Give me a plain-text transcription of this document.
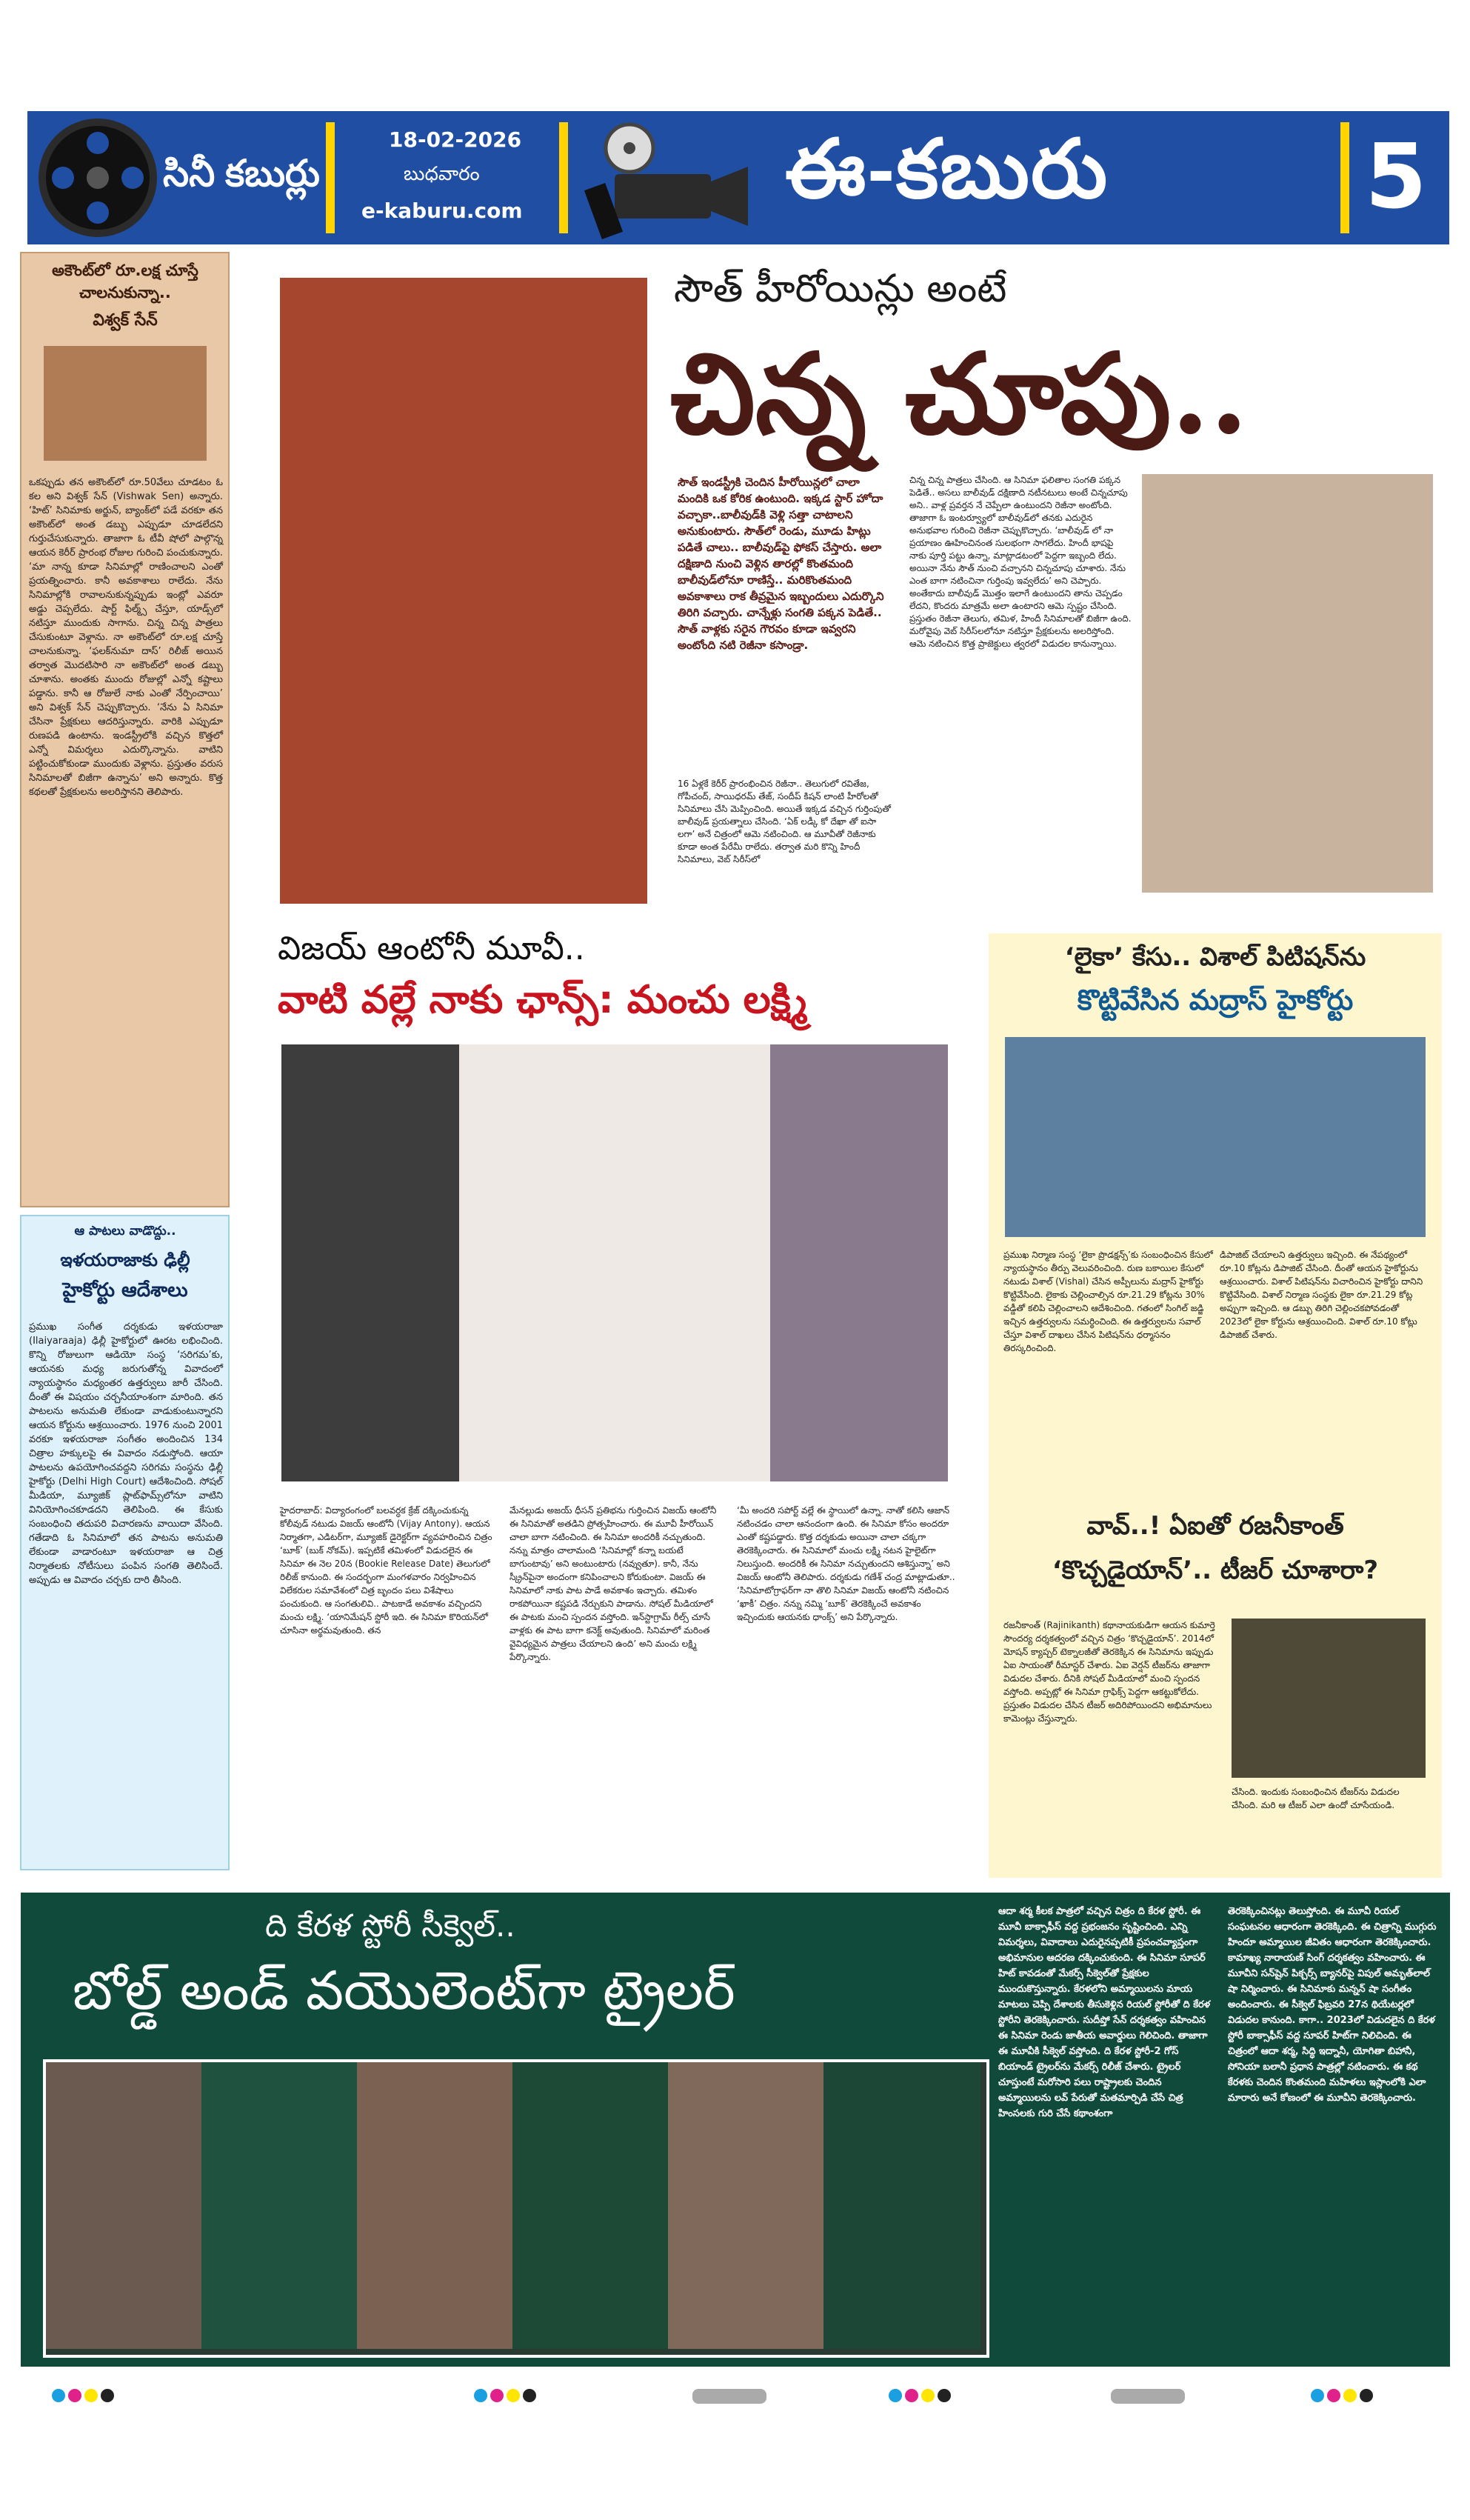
సినీ కబుర్లు
18-02-2026
బుధవారం
e-kaburu.com	ఈ-కబురు	5
అకౌంట్‌లో రూ.లక్ష చూస్తే చాలనుకున్నా..
విశ్వక్ సేన్
ఒకప్పుడు తన అకౌంట్‌లో రూ.50వేలు చూడటం ఓ కల అని విశ్వక్ సేన్ (Vishwak Sen) అన్నారు. ‘హిట్’ సినిమాకు అర్జున్, బ్యాంక్‌లో పడే వరకూ తన అకౌంట్‌లో అంత డబ్బు ఎప్పుడూ చూడలేదని గుర్తుచేసుకున్నారు. తాజాగా ఓ టీవీ షోలో పాల్గొన్న ఆయన కెరీర్ ప్రారంభ రోజుల గురించి పంచుకున్నారు. ‘మా నాన్న కూడా సినిమాల్లో రాణించాలని ఎంతో ప్రయత్నించారు. కానీ అవకాశాలు రాలేదు. నేను సినిమాల్లోకి రావాలనుకున్నప్పుడు ఇంట్లో ఎవరూ అడ్డు చెప్పలేదు. షార్ట్ ఫిల్మ్స్ చేస్తూ, యాడ్స్‌లో నటిస్తూ ముందుకు సాగాను. చిన్న చిన్న పాత్రలు చేసుకుంటూ వెళ్లాను. నా అకౌంట్‌లో రూ.లక్ష చూస్తే చాలనుకున్నా. ‘ఫలక్‌నుమా దాస్’ రిలీజ్ అయిన తర్వాత మొదటిసారి నా అకౌంట్‌లో అంత డబ్బు చూశాను. అంతకు ముందు రోజుల్లో ఎన్నో కష్టాలు పడ్డాను. కానీ ఆ రోజులే నాకు ఎంతో నేర్పించాయి’ అని విశ్వక్ సేన్ చెప్పుకొచ్చారు. ‘నేను ఏ సినిమా చేసినా ప్రేక్షకులు ఆదరిస్తున్నారు. వారికి ఎప్పుడూ రుణపడి ఉంటాను. ఇండస్ట్రీలోకి వచ్చిన కొత్తలో ఎన్నో విమర్శలు ఎదుర్కొన్నాను. వాటిని పట్టించుకోకుండా ముందుకు వెళ్లాను. ప్రస్తుతం వరుస సినిమాలతో బిజీగా ఉన్నాను’ అని అన్నారు. కొత్త కథలతో ప్రేక్షకులను అలరిస్తానని తెలిపారు.
ఆ పాటలు వాడొద్దు..
ఇళయరాజాకు ఢిల్లీ
హైకోర్టు ఆదేశాలు
ప్రముఖ సంగీత దర్శకుడు ఇళయరాజా (Ilaiyaraaja) ఢిల్లీ హైకోర్టులో ఊరట లభించింది. కొన్ని రోజులుగా ఆడియో సంస్థ ‘సరిగమ’కు, ఆయనకు మధ్య జరుగుతోన్న వివాదంలో న్యాయస్థానం మధ్యంతర ఉత్తర్వులు జారీ చేసింది. దీంతో ఈ విషయం చర్చనీయాంశంగా మారింది. తన పాటలను అనుమతి లేకుండా వాడుకుంటున్నారని ఆయన కోర్టును ఆశ్రయించారు. 1976 నుంచి 2001 వరకూ ఇళయరాజా సంగీతం అందించిన 134 చిత్రాల హక్కులపై ఈ వివాదం నడుస్తోంది. ఆయా పాటలను ఉపయోగించవద్దని సరిగమ సంస్థను ఢిల్లీ హైకోర్టు (Delhi High Court) ఆదేశించింది. సోషల్ మీడియా, మ్యూజిక్ ప్లాట్‌ఫామ్స్‌లోనూ వాటిని వినియోగించకూడదని తెలిపింది. ఈ కేసుకు సంబంధించి తదుపరి విచారణను వాయిదా వేసింది. గతేడాది ఓ సినిమాలో తన పాటను అనుమతి లేకుండా వాడారంటూ ఇళయరాజా ఆ చిత్ర నిర్మాతలకు నోటీసులు పంపిన సంగతి తెలిసిందే. అప్పుడు ఆ వివాదం చర్చకు దారి తీసింది.
సౌత్ హీరోయిన్లు అంటే
చిన్న చూపు..
సౌత్ ఇండస్ట్రీకి చెందిన హీరోయిన్లలో చాలా మందికి ఒక కోరిక ఉంటుంది. ఇక్కడ స్టార్ హోదా వచ్చాకా..బాలీవుడ్‌కి వెళ్లి సత్తా చాటాలని అనుకుంటారు. సౌత్‌లో రెండు, మూడు హిట్లు పడితే చాలు.. బాలీవుడ్‌పై ఫోకస్ చేస్తారు. అలా దక్షిణాది నుంచి వెళ్లిన తారల్లో కొంతమంది బాలీవుడ్‌లోనూ రాణిస్తే.. మరికొంతమంది అవకాశాలు రాక తీవ్రమైన ఇబ్బందులు ఎదుర్కొని తిరిగి వచ్చారు. చాన్నేళ్లు సంగతి పక్కన పెడితే.. సౌత్ వాళ్లకు సరైన గౌరవం కూడా ఇవ్వరని అంటోంది నటి రెజీనా కసాండ్రా.
16 ఏళ్లకే కెరీర్ ప్రారంభించిన రెజీనా.. తెలుగులో రవితేజ, గోపీచంద్, సాయిధరమ్ తేజ్, సందీప్ కిషన్ లాంటి హీరోలతో సినిమాలు చేసి మెప్పించింది. అయితే ఇక్కడ వచ్చిన గుర్తింపుతో బాలీవుడ్ ప్రయత్నాలు చేసింది. ‘ఏక్ లడ్కీ కో దేఖా తో ఐసా లగా’ అనే చిత్రంలో ఆమె నటించింది. ఆ మూవీతో రెజీనాకు కూడా అంత పేరేమీ రాలేదు. తర్వాత మరి కొన్ని హిందీ సినిమాలు, వెబ్ సిరీస్‌లో
చిన్న చిన్న పాత్రలు చేసింది. ఆ సినిమా ఫలితాల సంగతి పక్కన పెడితే.. అసలు బాలీవుడ్ దక్షిణాది నటీనటులు అంటే చిన్నచూపు అని.. వాళ్ల ప్రవర్తన నే చెప్పేలా ఉంటుందని రెజీనా అంటోంది. తాజాగా ఓ ఇంటర్వ్యూలో బాలీవుడ్‌లో తనకు ఎదురైన అనుభవాల గురించి రెజీనా చెప్పుకొచ్చారు. ‘బాలీవుడ్ లో నా ప్రయాణం ఊహించినంత సులభంగా సాగలేదు. హిందీ భాషపై నాకు పూర్తి పట్టు ఉన్నా, మాట్లాడటంలో పెద్దగా ఇబ్బంది లేదు. అయినా నేను సౌత్ నుంచి వచ్చానని చిన్నచూపు చూశారు. నేను ఎంత బాగా నటించినా గుర్తింపు ఇవ్వలేదు’ అని చెప్పారు. అంతేకాదు బాలీవుడ్ మొత్తం ఇలాగే ఉంటుందని తాను చెప్పడం లేదని, కొందరు మాత్రమే అలా ఉంటారని ఆమె స్పష్టం చేసింది. ప్రస్తుతం రెజీనా తెలుగు, తమిళ, హిందీ సినిమాలతో బిజీగా ఉంది. మరోవైపు వెబ్ సిరీస్‌లలోనూ నటిస్తూ ప్రేక్షకులను అలరిస్తోంది. ఆమె నటించిన కొత్త ప్రాజెక్టులు త్వరలో విడుదల కానున్నాయి.
విజయ్ ఆంటోనీ మూవీ..
వాటి వల్లే నాకు ఛాన్స్: మంచు లక్ష్మి
హైదరాబాద్: విద్యారంగంలో బలవర్ధక క్రేజ్ దక్కించుకున్న కోలీవుడ్ నటుడు విజయ్ ఆంటోనీ (Vijay Antony). ఆయన నిర్మాతగా, ఎడిటర్‌గా, మ్యూజిక్ డైరెక్టర్‌గా వ్యవహరించిన చిత్రం ‘బూక్’ (బుక్ నోకమ్). ఇప్పటికే తమిళంలో విడుదలైన ఈ సినిమా ఈ నెల 20న (Bookie Release Date) తెలుగులో రిలీజ్ కానుంది. ఈ సందర్భంగా మంగళవారం నిర్వహించిన విలేకరుల సమావేశంలో చిత్ర బృందం పలు విశేషాలు పంచుకుంది. ఆ సంగతులివి.. పాటకాడే అవకాశం వచ్చిందని మంచు లక్ష్మి. ‘యానిమేషన్ స్టోరీ ఇది. ఈ సినిమా కొరియన్‌లో చూసినా అర్థమవుతుంది. తన
మేనల్లుడు అజయ్ ధీసన్ ప్రతిభను గుర్తించిన విజయ్ ఆంటోనీ ఈ సినిమాతో అతడిని ప్రోత్సహించారు. ఈ మూవీ హీరోయిన్ చాలా బాగా నటించింది. ఈ సినిమా అందరికీ నచ్చుతుంది. నన్ను మాత్రం చాలామంది ‘సినిమాల్లో కన్నా బయటే బాగుంటావు’ అని అంటుంటారు (నవ్వుతూ). కానీ, నేను స్క్రీన్‌పైనా అందంగా కనిపించాలని కోరుకుంటా. విజయ్ ఈ సినిమాలో నాకు పాట పాడే అవకాశం ఇచ్చారు. తమిళం రాకపోయినా కష్టపడి నేర్చుకుని పాడాను. సోషల్ మీడియాలో ఈ పాటకు మంచి స్పందన వస్తోంది. ఇన్‌స్టాగ్రామ్ రీల్స్ చూసే వాళ్లకు ఈ పాట బాగా కనెక్ట్ అవుతుంది. సినిమాలో మరింత వైవిధ్యమైన పాత్రలు చేయాలని ఉంది’ అని మంచు లక్ష్మి పేర్కొన్నారు.
‘మీ అందరి సపోర్ట్ వల్లే ఈ స్థాయిలో ఉన్నా. నాతో కలిసి ఆజాన్ నటించడం చాలా ఆనందంగా ఉంది. ఈ సినిమా కోసం అందరూ ఎంతో కష్టపడ్డారు. కొత్త దర్శకుడు అయినా చాలా చక్కగా తెరకెక్కించారు. ఈ సినిమాలో మంచు లక్ష్మి నటన హైలైట్‌గా నిలుస్తుంది. అందరికీ ఈ సినిమా నచ్చుతుందని ఆశిస్తున్నా’ అని విజయ్ ఆంటోనీ తెలిపారు. దర్శకుడు గణేశ్ చంద్ర మాట్లాడుతూ.. ‘సినిమాటోగ్రాఫర్‌గా నా తొలి సినిమా విజయ్ ఆంటోనీ నటించిన ‘ఖాకీ’ చిత్రం. నన్ను నమ్మి ‘బూక్’ తెరకెక్కించే అవకాశం ఇచ్చిందుకు ఆయనకు ధాంక్స్’ అని పేర్కొన్నారు.
‘లైకా’ కేసు.. విశాల్ పిటిషన్‌ను
కొట్టివేసిన మద్రాస్ హైకోర్టు
ప్రముఖ నిర్మాణ సంస్థ ‘లైకా ప్రొడక్షన్స్’కు సంబంధించిన కేసులో న్యాయస్థానం తీర్పు వెలువరించింది. రుణ బకాయిల కేసులో నటుడు విశాల్ (Vishal) చేసిన అప్పీలును మద్రాస్ హైకోర్టు కొట్టివేసింది. లైకాకు చెల్లించాల్సిన రూ.21.29 కోట్లను 30% వడ్డీతో కలిపి చెల్లించాలని ఆదేశించింది. గతంలో సింగిల్ జడ్జి ఇచ్చిన ఉత్తర్వులను సమర్థించింది. ఈ ఉత్తర్వులను సవాల్ చేస్తూ విశాల్ దాఖలు చేసిన పిటిషన్‌ను ధర్మాసనం తిరస్కరించింది.
డిపాజిట్ చేయాలని ఉత్తర్వులు ఇచ్చింది. ఈ నేపథ్యంలో రూ.10 కోట్లను డిపాజిట్ చేసింది. దీంతో ఆయన హైకోర్టును ఆశ్రయించారు. విశాల్ పిటిషన్‌ను విచారించిన హైకోర్టు దానిని కొట్టివేసింది. విశాల్ నిర్మాణ సంస్థకు లైకా రూ.21.29 కోట్ల అప్పుగా ఇచ్చింది. ఆ డబ్బు తిరిగి చెల్లించకపోవడంతో 2023లో లైకా కోర్టును ఆశ్రయించింది. విశాల్ రూ.10 కోట్లు డిపాజిట్ చేశారు.
వావ్..! ఏఐతో రజనీకాంత్
‘కొచ్చడైయాన్’.. టీజర్ చూశారా?
రజనీకాంత్ (Rajinikanth) కథానాయకుడిగా ఆయన కుమార్తె సౌందర్య దర్శకత్వంలో వచ్చిన చిత్రం ‘కొచ్చడైయాన్’. 2014లో మోషన్ క్యాప్చర్ టెక్నాలజీతో తెరకెక్కిన ఈ సినిమాను ఇప్పుడు ఏఐ సాయంతో రీమాస్టర్ చేశారు. ఏఐ వెర్షన్ టీజర్‌ను తాజాగా విడుదల చేశారు. దీనికి సోషల్ మీడియాలో మంచి స్పందన వస్తోంది. అప్పట్లో ఈ సినిమా గ్రాఫిక్స్ పెద్దగా ఆకట్టుకోలేదు. ప్రస్తుతం విడుదల చేసిన టీజర్ అదిరిపోయిందని అభిమానులు కామెంట్లు చేస్తున్నారు.
చేసింది. ఇందుకు సంబంధించిన టీజర్‌ను విడుదల చేసింది. మరి ఆ టీజర్ ఎలా ఉందో చూసేయండి.
ది కేరళ స్టోరీ సీక్వెల్..
బోల్డ్ అండ్ వయొలెంట్‌గా ట్రైలర్
ఆదా శర్మ కీలక పాత్రలో వచ్చిన చిత్రం ది కేరళ స్టోరీ. ఈ మూవీ బాక్సాఫీస్ వద్ద ప్రభంజనం సృష్టించింది. ఎన్ని విమర్శలు, వివాదాలు ఎదురైనప్పటికీ ప్రపంచవ్యాప్తంగా అభిమానుల ఆదరణ దక్కించుకుంది. ఈ సినిమా సూపర్ హిట్ కావడంతో మేకర్స్ సీక్వెల్‌తో ప్రేక్షకుల ముందుకొస్తున్నారు. కేరళలోని అమ్మాయిలను మాయ మాటలు చెప్పి దేశాలకు తీసుకెళ్లిన రియల్ స్టోరీతో ది కేరళ స్టోరీని తెరకెక్కించారు. సుదీప్తో సేన్ దర్శకత్వం వహించిన ఈ సినిమా రెండు జాతీయ అవార్డులు గెలిచింది. తాజాగా ఈ మూవీకి సీక్వెల్ వస్తోంది. ది కేరళ స్టోరీ-2 గోస్ బియాండ్ ట్రైలర్‌ను మేకర్స్ రిలీజ్ చేశారు. ట్రైలర్ చూస్తుంటే మరోసారి పలు రాష్ట్రాలకు చెందిన అమ్మాయిలను లవ్ పేరుతో మతమార్పిడి చేసే చిత్ర హింసలకు గురి చేసే కథాంశంగా
తెరకెక్కించినట్లు తెలుస్తోంది. ఈ మూవీ రియల్ సంఘటనల ఆధారంగా తెరకెక్కింది. ఈ చిత్రాన్ని ముగ్గురు హిందూ అమ్మాయిల జీవితం ఆధారంగా తెరకెక్కించారు. కామాఖ్య నారాయణ్ సింగ్ దర్శకత్వం వహించారు. ఈ మూవీని సన్‌షైన్ పిక్చర్స్ బ్యానర్‌పై విపుల్ అమృత్‌లాల్ షా నిర్మించారు. ఈ సినిమాకు మన్నన్ షా సంగీతం అందించారు. ఈ సీక్వెల్ ఫిబ్రవరి 27న థియేటర్లలో విడుదల కానుంది. కాగా.. 2023లో విడుదలైన ది కేరళ స్టోరీ బాక్సాఫీస్ వద్ద సూపర్ హిట్‌గా నిలిచింది. ఈ చిత్రంలో ఆదా శర్మ, సిద్ధి ఇద్నానీ, యోగితా బిహానీ, సోనియా బలానీ ప్రధాన పాత్రల్లో నటించారు. ఈ కథ కేరళకు చెందిన కొంతమంది మహిళలు ఇస్లాంలోకి ఎలా మారారు అనే కోణంలో ఈ మూవీని తెరకెక్కించారు.
